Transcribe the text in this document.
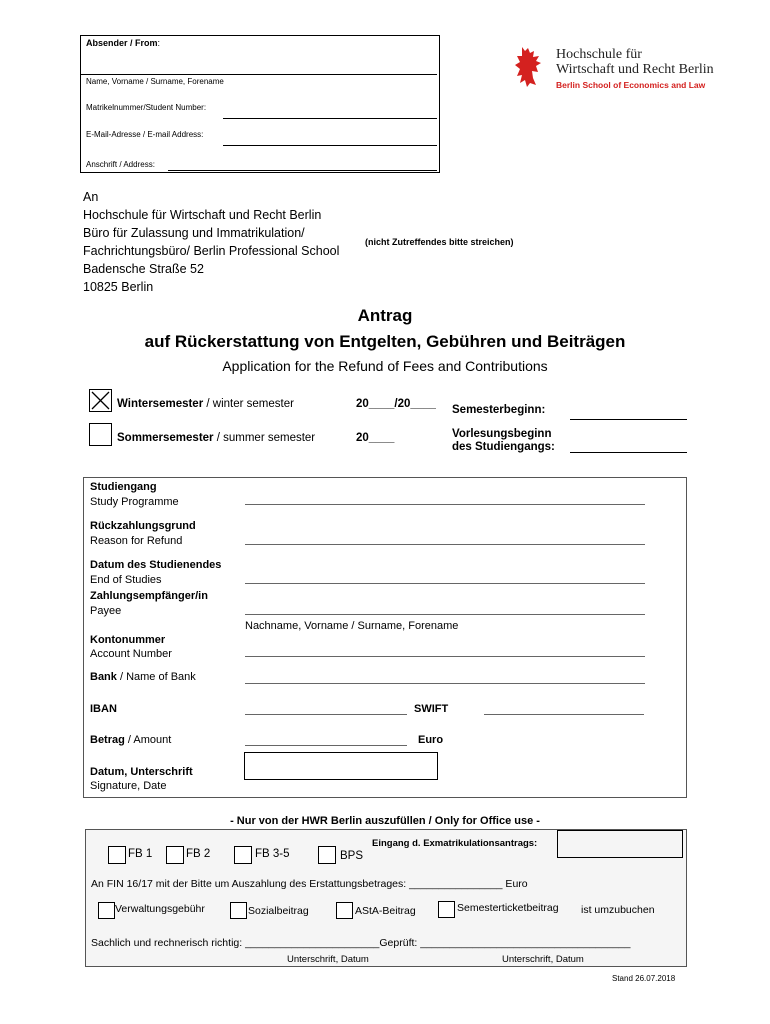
Absender / From:
Name, Vorname / Surname, Forename
Matrikelnummer/Student Number:
E-Mail-Adresse / E-mail Address:
Anschrift / Address:
Hochschule für
Wirtschaft und Recht Berlin
Berlin School of Economics and Law
An
Hochschule für Wirtschaft und Recht Berlin
Büro für Zulassung und Immatrikulation/
Fachrichtungsbüro/ Berlin Professional School
Badensche Straße 52
10825 Berlin
(nicht Zutreffendes bitte streichen)
Antrag
auf Rückerstattung von Entgelten, Gebühren und Beiträgen
Application for the Refund of Fees and Contributions
Wintersemester / winter semester	20____/20____
Sommersemester / summer semester	20____
Semesterbeginn:
Vorlesungsbeginn
des Studiengangs:
Studiengang
Study Programme
Rückzahlungsgrund
Reason for Refund
Datum des Studienendes
End of Studies
Zahlungsempfänger/in
Payee
Nachname, Vorname / Surname, Forename
Kontonummer
Account Number
Bank / Name of Bank
IBAN	SWIFT
Betrag / Amount	Euro
Datum, Unterschrift
Signature, Date
- Nur von der HWR Berlin auszufüllen / Only for Office use -
Eingang d. Exmatrikulationsantrags:
FB 1	FB 2	FB 3-5	BPS
An FIN 16/17 mit der Bitte um Auszahlung des Erstattungsbetrages: ________________ Euro
Verwaltungsgebühr	Sozialbeitrag	AStA-Beitrag	Semesterticketbeitrag ist umzubuchen
Sachlich und rechnerisch richtig: _______________________Geprüft: ____________________________________
Unterschrift, Datum	Unterschrift, Datum
Stand 26.07.2018
